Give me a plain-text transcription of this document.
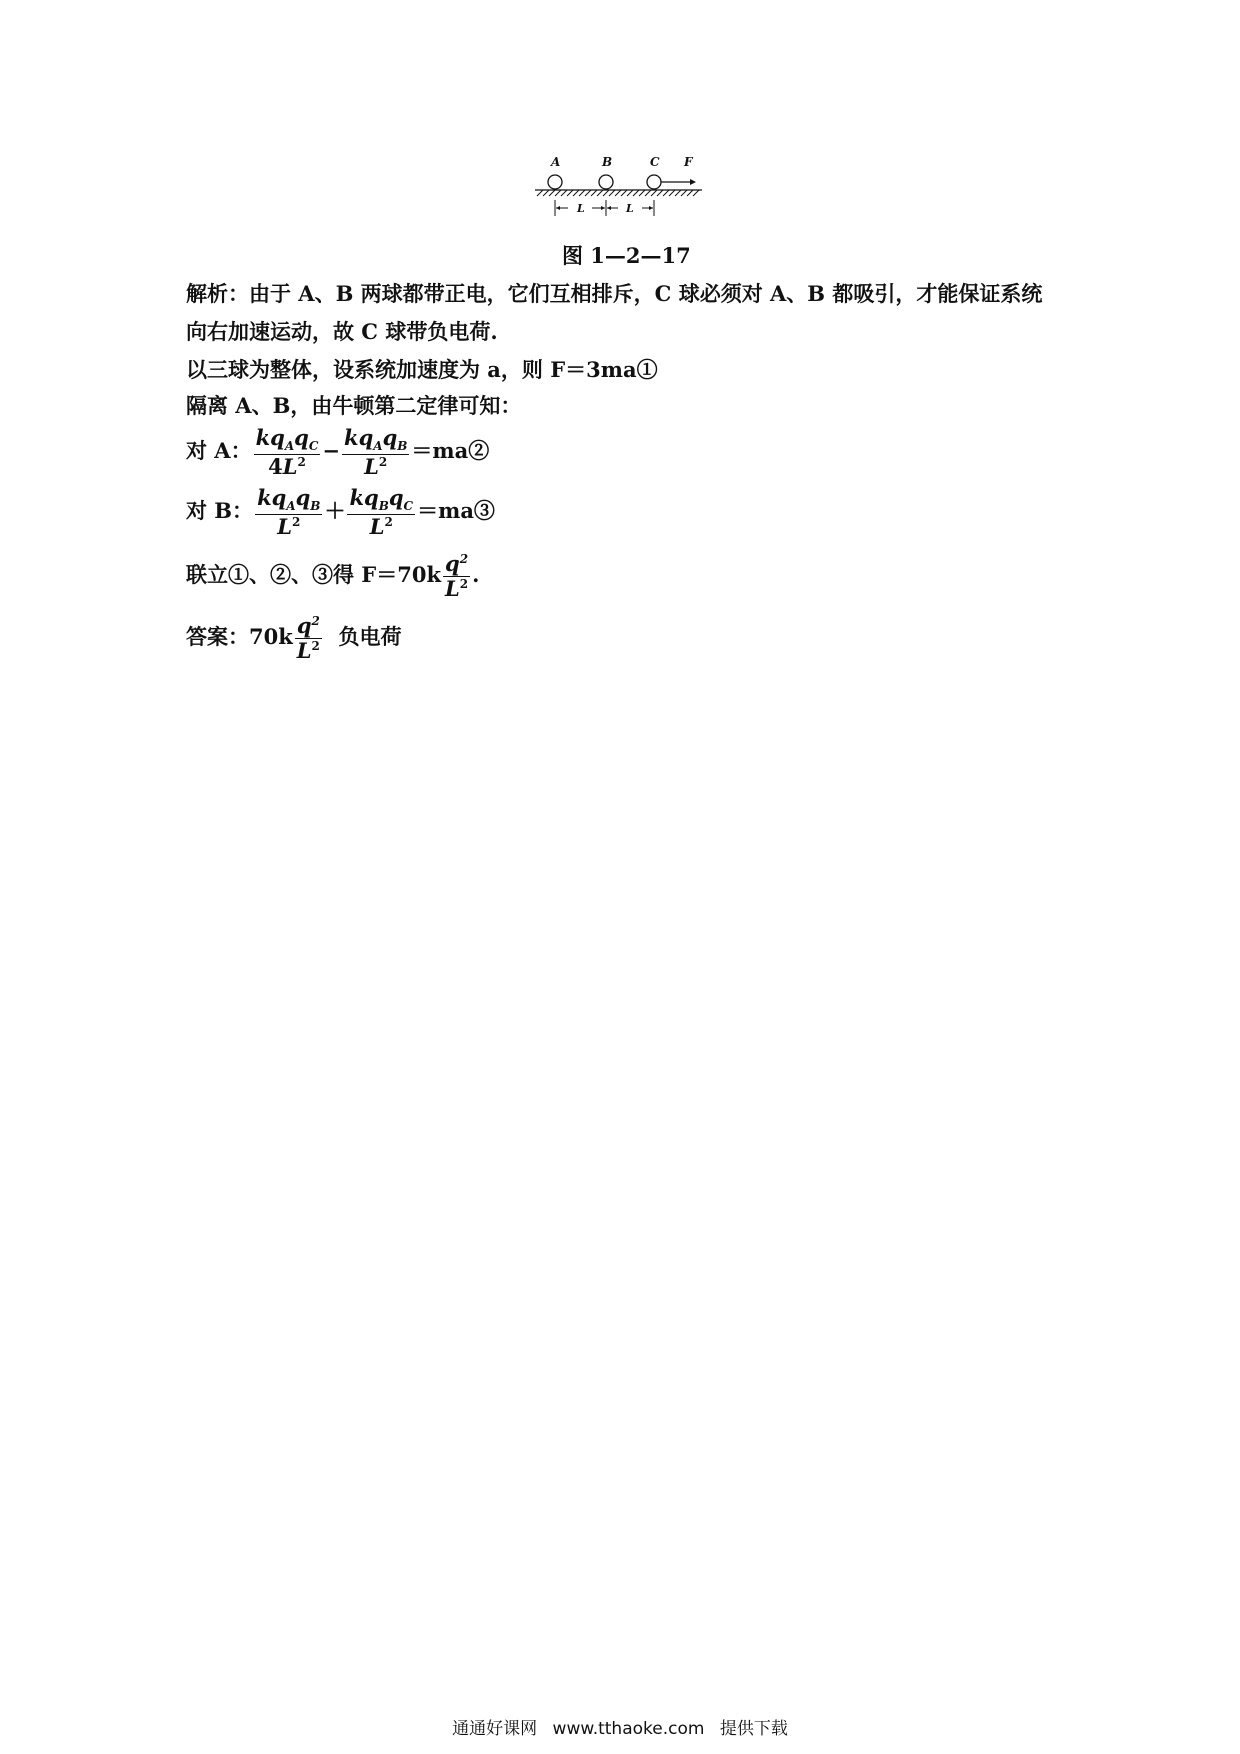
A	B	C F
L	L
图 1—2—17
解析：由于 A、B 两球都带正电，它们互相排斥，C 球必须对 A、B 都吸引，才能保证系统
向右加速运动，故 C 球带负电荷.
以三球为整体，设系统加速度为 a，则 F＝3ma①
隔离 A、B，由牛顿第二定律可知：
对 A： $\frac{kq_Aq_C}{4L^2} - \frac{kq_Aq_B}{L^2}$ ＝ma②
对 B： $\frac{kq_Aq_B}{L^2} + \frac{kq_Bq_C}{L^2}$ ＝ma③
联立①、②、③得 $F=70k \frac{q^2}{L^2}$ .
答案：$70k \frac{q^2}{L^2}$ 负电荷
通通好课网 www.tthaoke.com 提供下载
